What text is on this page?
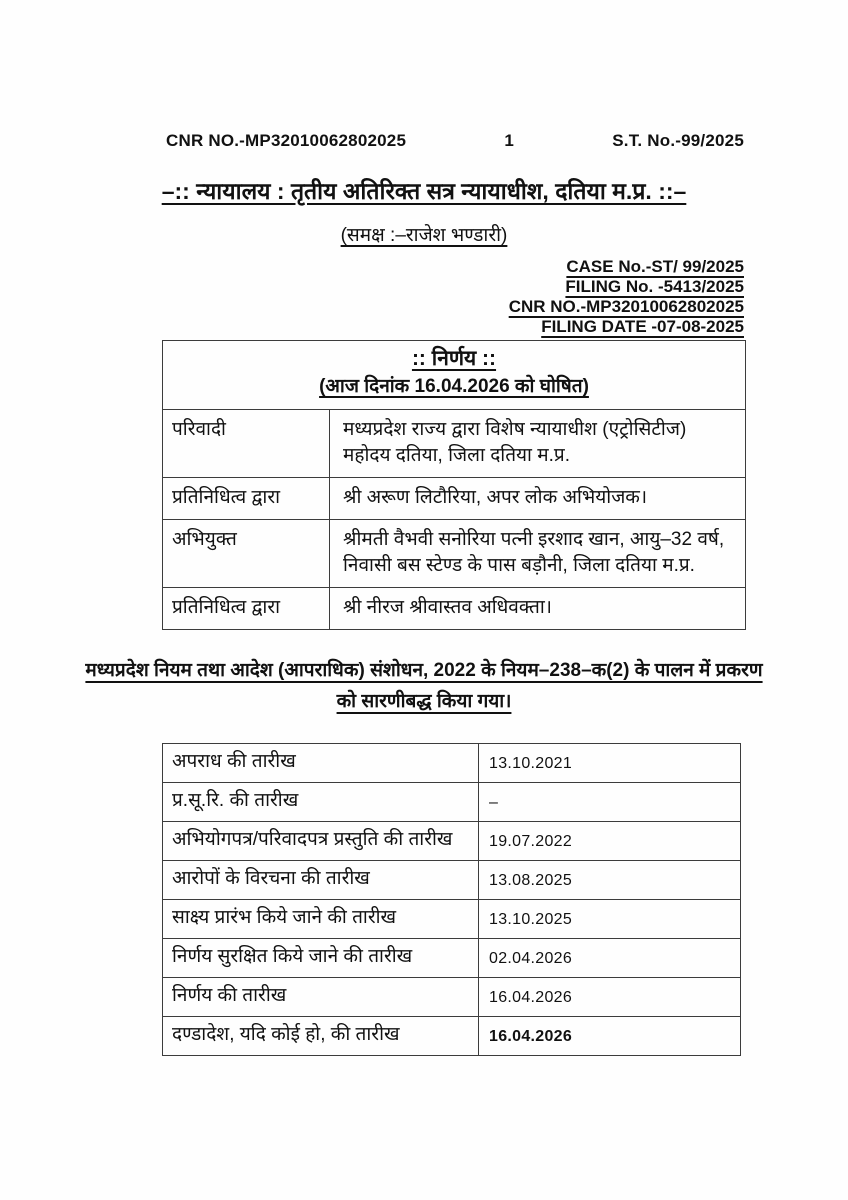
CNR NO.-MP32010062802025	1	S.T. No.-99/2025
–:: न्यायालय : तृतीय अतिरिक्त सत्र न्यायाधीश, दतिया म.प्र. ::–
(समक्ष :–राजेश भण्डारी)
CASE No.-ST/ 99/2025
FILING No. -5413/2025
CNR NO.-MP32010062802025
FILING DATE -07-08-2025
:: निर्णय ::
(आज दिनांक 16.04.2026 को घोषित)	

परिवादी	मध्यप्रदेश राज्य द्वारा विशेष न्यायाधीश (एट्रोसिटीज) महोदय दतिया, जिला दतिया म.प्र.
प्रतिनिधित्व द्वारा	श्री अरूण लिटौरिया, अपर लोक अभियोजक।
अभियुक्त	श्रीमती वैभवी सनोरिया पत्नी इरशाद खान, आयु–32 वर्ष, निवासी बस स्टेण्ड के पास बड़ौनी, जिला दतिया म.प्र.
प्रतिनिधित्व द्वारा	श्री नीरज श्रीवास्तव अधिवक्ता।
मध्यप्रदेश नियम तथा आदेश (आपराधिक) संशोधन, 2022 के नियम–238–क(2) के पालन में प्रकरण को सारणीबद्ध किया गया।
अपराध की तारीख	13.10.2021
प्र.सू.रि. की तारीख	–
अभियोगपत्र/परिवादपत्र प्रस्तुति की तारीख	19.07.2022
आरोपों के विरचना की तारीख	13.08.2025
साक्ष्य प्रारंभ किये जाने की तारीख	13.10.2025
निर्णय सुरक्षित किये जाने की तारीख	02.04.2026
निर्णय की तारीख	16.04.2026
दण्डादेश, यदि कोई हो, की तारीख	16.04.2026
